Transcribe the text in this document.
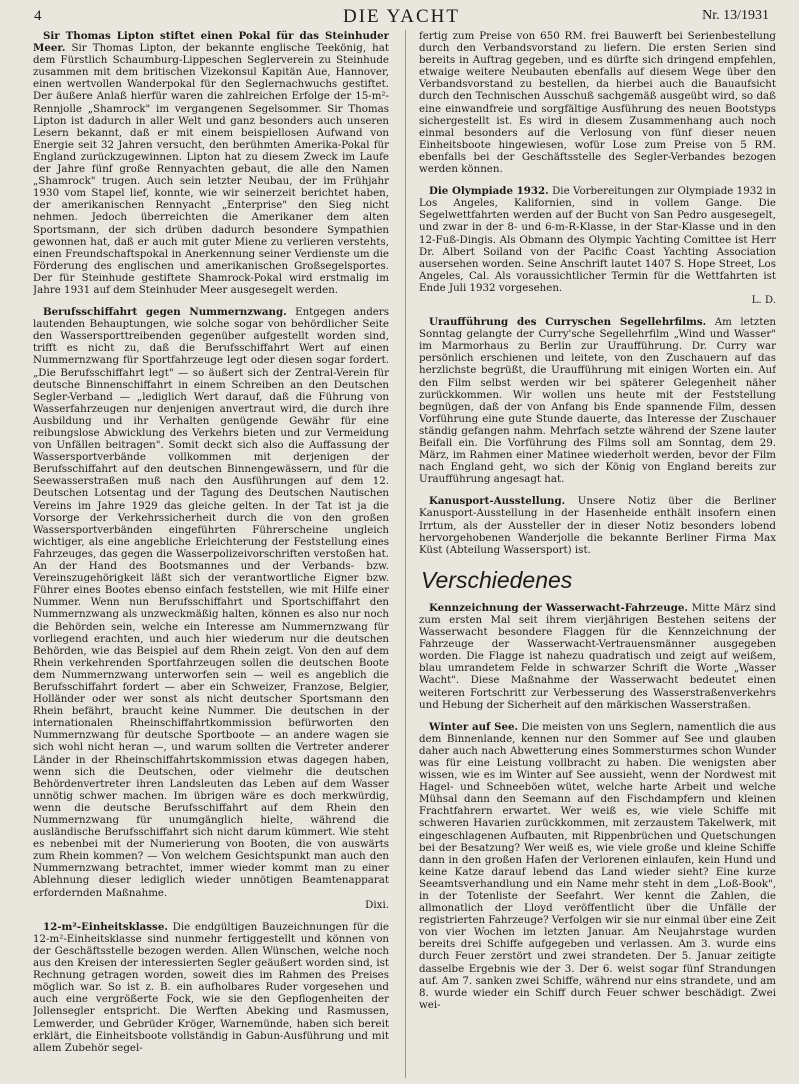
4	DIE YACHT	Nr. 13/1931

Sir Thomas Lipton stiftet einen Pokal für das Steinhuder Meer. Sir Thomas Lipton, der bekannte englische Teekönig, hat dem Fürstlich Schaumburg-Lippeschen Seglerverein zu Steinhude zusammen mit dem britischen Vizekonsul Kapitän Aue, Hannover, einen wertvollen Wanderpokal für den Seglernachwuchs gestiftet. Der äußere Anlaß hierfür waren die zahlreichen Erfolge der 15-m²-Rennjolle „Shamrock" im vergangenen Segelsommer. Sir Thomas Lipton ist dadurch in aller Welt und ganz besonders auch unseren Lesern bekannt, daß er mit einem beispiellosen Aufwand von Energie seit 32 Jahren versucht, den berühmten Amerika-Pokal für England zurückzugewinnen. Lipton hat zu diesem Zweck im Laufe der Jahre fünf große Rennyachten gebaut, die alle den Namen „Shamrock" trugen. Auch sein letzter Neubau, der im Frühjahr 1930 vom Stapel lief, konnte, wie wir seinerzeit berichtet haben, der amerikanischen Rennyacht „Enterprise" den Sieg nicht nehmen. Jedoch überreichten die Amerikaner dem alten Sportsmann, der sich drüben dadurch besondere Sympathien gewonnen hat, daß er auch mit guter Miene zu verlieren verstehts, einen Freundschaftspokal in Anerkennung seiner Verdienste um die Förderung des englischen und amerikanischen Großsegelsportes. Der für Steinhude gestiftete Shamrock-Pokal wird erstmalig im Jahre 1931 auf dem Steinhuder Meer ausgesegelt werden.

Berufsschiffahrt gegen Nummernzwang. Entgegen anders lautenden Behauptungen, wie solche sogar von behördlicher Seite den Wassersporttreibenden gegenüber aufgestellt worden sind, trifft es nicht zu, daß die Berufsschiffahrt Wert auf einen Nummernzwang für Sportfahrzeuge legt oder diesen sogar fordert. „Die Berufsschiffahrt legt" — so äußert sich der Zentral-Verein für deutsche Binnenschiffahrt in einem Schreiben an den Deutschen Segler-Verband — „lediglich Wert darauf, daß die Führung von Wasserfahrzeugen nur denjenigen anvertraut wird, die durch ihre Ausbildung und ihr Verhalten genügende Gewähr für eine reibungslose Abwicklung des Verkehrs bieten und zur Vermeidung von Unfällen beitragen". Somit deckt sich also die Auffassung der Wassersportverbände vollkommen mit derjenigen der Berufsschiffahrt auf den deutschen Binnengewässern, und für die Seewasserstraßen muß nach den Ausführungen auf dem 12. Deutschen Lotsentag und der Tagung des Deutschen Nautischen Vereins im Jahre 1929 das gleiche gelten. In der Tat ist ja die Vorsorge der Verkehrssicherheit durch die von den großen Wassersportverbänden eingeführten Führerscheine ungleich wichtiger, als eine angebliche Erleichterung der Feststellung eines Fahrzeuges, das gegen die Wasserpolizeivorschriften verstoßen hat. An der Hand des Bootsmannes und der Verbands- bzw. Vereinszugehörigkeit läßt sich der verantwortliche Eigner bzw. Führer eines Bootes ebenso einfach feststellen, wie mit Hilfe einer Nummer. Wenn nun Berufsschiffahrt und Sportschiffahrt den Nummernzwang als unzweckmäßig halten, können es also nur noch die Behörden sein, welche ein Interesse am Nummernzwang für vorliegend erachten, und auch hier wiederum nur die deutschen Behörden, wie das Beispiel auf dem Rhein zeigt. Von den auf dem Rhein verkehrenden Sportfahrzeugen sollen die deutschen Boote dem Nummernzwang unterworfen sein — weil es angeblich die Berufsschiffahrt fordert — aber ein Schweizer, Franzose, Belgier, Holländer oder wer sonst als nicht deutscher Sportsmann den Rhein befährt, braucht keine Nummer. Die deutschen in der internationalen Rheinschiffahrtkommission befürworten den Nummernzwang für deutsche Sportboote — an andere wagen sie sich wohl nicht heran —, und warum sollten die Vertreter anderer Länder in der Rheinschiffahrtskommission etwas dagegen haben, wenn sich die Deutschen, oder vielmehr die deutschen Behördenvertreter ihren Landsleuten das Leben auf dem Wasser unnötig schwer machen. Im übrigen wäre es doch merkwürdig, wenn die deutsche Berufsschiffahrt auf dem Rhein den Nummernzwang für unumgänglich hielte, während die ausländische Berufsschiffahrt sich nicht darum kümmert. Wie steht es nebenbei mit der Numerierung von Booten, die von auswärts zum Rhein kommen? — Von welchem Gesichtspunkt man auch den Nummernzwang betrachtet, immer wieder kommt man zu einer Ablehnung dieser lediglich wieder unnötigen Beamtenapparat erfordernden Maßnahme.

Dixi.

12-m²-Einheitsklasse. Die endgültigen Bauzeichnungen für die 12-m²-Einheitsklasse sind nunmehr fertiggestellt und können von der Geschäftsstelle bezogen werden. Allen Wünschen, welche noch aus den Kreisen der interessierten Segler geäußert worden sind, ist Rechnung getragen worden, soweit dies im Rahmen des Preises möglich war. So ist z. B. ein aufholbares Ruder vorgesehen und auch eine vergrößerte Fock, wie sie den Gepflogenheiten der Jollensegler entspricht. Die Werften Abeking und Rasmussen, Lemwerder, und Gebrüder Kröger, Warnemünde, haben sich bereit erklärt, die Einheitsboote vollständig in Gabun-Ausführung und mit allem Zubehör segel-

fertig zum Preise von 650 RM. frei Bauwerft bei Serienbestellung durch den Verbandsvorstand zu liefern. Die ersten Serien sind bereits in Auftrag gegeben, und es dürfte sich dringend empfehlen, etwaige weitere Neubauten ebenfalls auf diesem Wege über den Verbandsvorstand zu bestellen, da hierbei auch die Bauaufsicht durch den Technischen Ausschuß sachgemäß ausgeübt wird, so daß eine einwandfreie und sorgfältige Ausführung des neuen Bootstyps sichergestellt ist. Es wird in diesem Zusammenhang auch noch einmal besonders auf die Verlosung von fünf dieser neuen Einheitsboote hingewiesen, wofür Lose zum Preise von 5 RM. ebenfalls bei der Geschäftsstelle des Segler-Verbandes bezogen werden können.

Die Olympiade 1932. Die Vorbereitungen zur Olympiade 1932 in Los Angeles, Kalifornien, sind in vollem Gange. Die Segelwettfahrten werden auf der Bucht von San Pedro ausgesegelt, und zwar in der 8- und 6-m-R-Klasse, in der Star-Klasse und in den 12-Fuß-Dingis. Als Obmann des Olympic Yachting Comittee ist Herr Dr. Albert Soiland von der Pacific Coast Yachting Association ausersehen worden. Seine Anschrift lautet 1407 S. Hope Street, Los Angeles, Cal. Als voraussichtlicher Termin für die Wettfahrten ist Ende Juli 1932 vorgesehen.

L. D.

Uraufführung des Curryschen Segellehrfilms. Am letzten Sonntag gelangte der Curry'sche Segellehrfilm „Wind und Wasser" im Marmorhaus zu Berlin zur Uraufführung. Dr. Curry war persönlich erschienen und leitete, von den Zuschauern auf das herzlichste begrüßt, die Uraufführung mit einigen Worten ein. Auf den Film selbst werden wir bei späterer Gelegenheit näher zurückkommen. Wir wollen uns heute mit der Feststellung begnügen, daß der von Anfang bis Ende spannende Film, dessen Vorführung eine gute Stunde dauerte, das Interesse der Zuschauer ständig gefangen nahm. Mehrfach setzte während der Szene lauter Beifall ein. Die Vorführung des Films soll am Sonntag, dem 29. März, im Rahmen einer Matinee wiederholt werden, bevor der Film nach England geht, wo sich der König von England bereits zur Uraufführung angesagt hat.

Kanusport-Ausstellung. Unsere Notiz über die Berliner Kanusport-Ausstellung in der Hasenheide enthält insofern einen Irrtum, als der Aussteller der in dieser Notiz besonders lobend hervorgehobenen Wanderjolle die bekannte Berliner Firma Max Küst (Abteilung Wassersport) ist.

Verschiedenes

Kennzeichnung der Wasserwacht-Fahrzeuge. Mitte März sind zum ersten Mal seit ihrem vierjährigen Bestehen seitens der Wasserwacht besondere Flaggen für die Kennzeichnung der Fahrzeuge der Wasserwacht-Vertrauensmänner ausgegeben worden. Die Flagge ist nahezu quadratisch und zeigt auf weißem, blau umrandetem Felde in schwarzer Schrift die Worte „Wasser Wacht". Diese Maßnahme der Wasserwacht bedeutet einen weiteren Fortschritt zur Verbesserung des Wasserstraßenverkehrs und Hebung der Sicherheit auf den märkischen Wasserstraßen.

Winter auf See. Die meisten von uns Seglern, namentlich die aus dem Binnenlande, kennen nur den Sommer auf See und glauben daher auch nach Abwetterung eines Sommersturmes schon Wunder was für eine Leistung vollbracht zu haben. Die wenigsten aber wissen, wie es im Winter auf See aussieht, wenn der Nordwest mit Hagel- und Schneeböen wütet, welche harte Arbeit und welche Mühsal dann den Seemann auf den Fischdampfern und kleinen Frachtfahrern erwartet. Wer weiß es, wie viele Schiffe mit schweren Havarien zurückkommen, mit zerzaustem Takelwerk, mit eingeschlagenen Aufbauten, mit Rippenbrüchen und Quetschungen bei der Besatzung? Wer weiß es, wie viele große und kleine Schiffe dann in den großen Hafen der Verlorenen einlaufen, kein Hund und keine Katze darauf lebend das Land wieder sieht? Eine kurze Seeamtsverhandlung und ein Name mehr steht in dem „Loß-Book", in der Totenliste der Seefahrt. Wer kennt die Zahlen, die allmonatlich der Lloyd veröffentlicht über die Unfälle der registrierten Fahrzeuge? Verfolgen wir sie nur einmal über eine Zeit von vier Wochen im letzten Januar. Am Neujahrstage wurden bereits drei Schiffe aufgegeben und verlassen. Am 3. wurde eins durch Feuer zerstört und zwei strandeten. Der 5. Januar zeitigte dasselbe Ergebnis wie der 3. Der 6. weist sogar fünf Strandungen auf. Am 7. sanken zwei Schiffe, während nur eins strandete, und am 8. wurde wieder ein Schiff durch Feuer schwer beschädigt. Zwei wei-
